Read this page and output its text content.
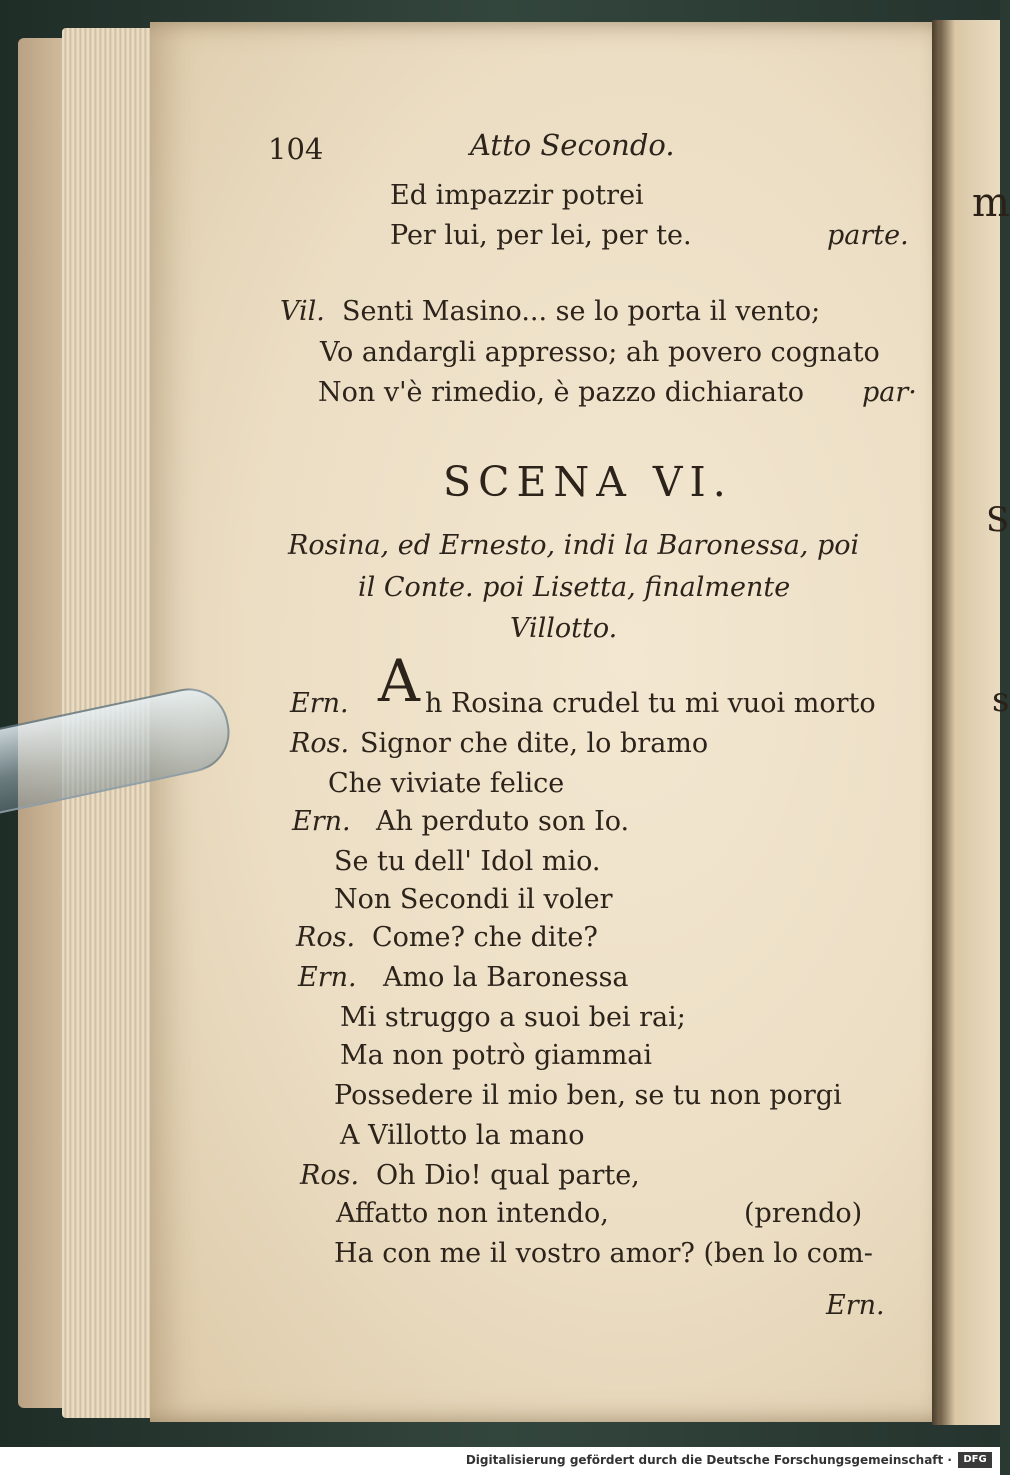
m
S
s
104	Atto Secondo.
Ed impazzir potrei
Per lui, per lei, per te.	parte.
Vil. Senti Masino... se lo porta il vento;
Vo andargli appresso; ah povero cognato
Non v'è rimedio, è pazzo dichiarato par·
SCENA VI.
Rosina, ed Ernesto, indi la Baronessa, poi
il Conte. poi Lisetta, finalmente
Villotto.
Ern. A h Rosina crudel tu mi vuoi morto
Ros. Signor che dite, lo bramo
Che viviate felice
Ern. Ah perduto son Io.
Se tu dell' Idol mio.
Non Secondi il voler
Ros. Come? che dite?
Ern. Amo la Baronessa
Mi struggo a suoi bei rai;
Ma non potrò giammai
Possedere il mio ben, se tu non porgi
A Villotto la mano
Ros. Oh Dio! qual parte,
Affatto non intendo,	(prendo)
Ha con me il vostro amor? (ben lo com-
Ern.
Digitalisierung gefördert durch die Deutsche Forschungsgemeinschaft ·	DFG
